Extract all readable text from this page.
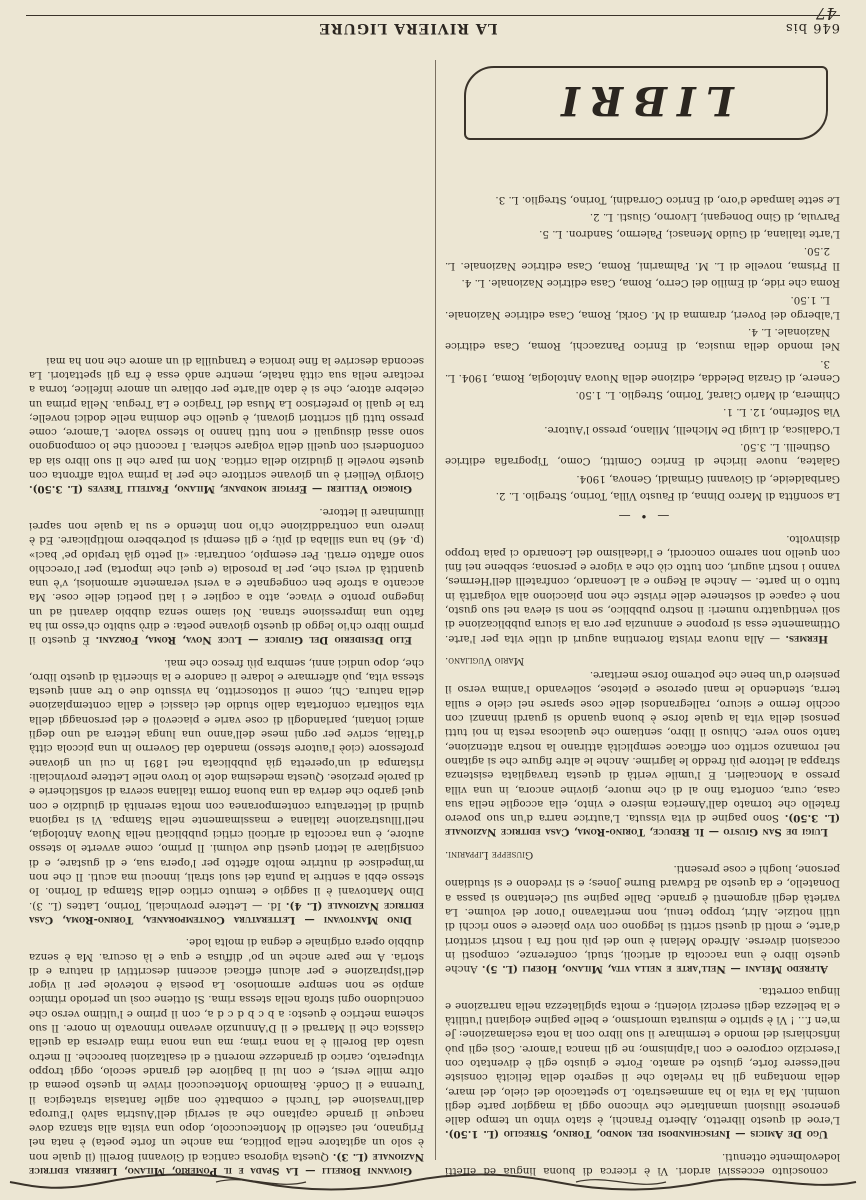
47
646 bis
LA RIVIERA LIGURE

Giovanni Borelli — La Spada e il Pomerio, Milano, Libreria editrice Nazionale (L. 3). Questa vigorosa cantica di Giovanni Borelli (il quale non è solo un agitatore nella politica, ma anche un forte poeta) è nata nel Frignano, nel castello di Montecuccolo, dopo una visita alla stanza dove nacque il grande capitano che ai servigi dell'Austria salvò l'Europa dall'invasione dei Turchi e combattè con agile fantasia strategica il Turenna e il Condé. Raimondo Montecuccoli rivive in questo poema di oltre mille versi, e con lui il bagliore del grande secolo, oggi troppo vituperato, carico di grandezze morenti e di esaltazioni barocche. Il metro usato dal Borelli è la nona rima; ma una nona rima diversa da quella classica che il Marradi e il D'Annunzio avevano rinnovato in onore. Il suo schema metrico è questo: a b c b d c d a, con il primo e l'ultimo verso che concludono ogni strofa nella stessa rima. Si ottiene così un periodo ritmico ampio se non sempre armonioso. La poesia è notevole per il vigor dell'ispirazione e per alcuni efficaci accenni descrittivi di natura e di storia. A me pare anche un po' diffusa e qua e là oscura. Ma è senza dubbio opera originale e degna di molta lode.

Dino Mantovani — Letteratura Contemporanea, Torino-Roma, Casa editrice Nazionale (L. 4). Id. — Lettere provinciali, Torino, Lattes (L. 3). Dino Mantovani è il saggio e temuto critico della Stampa di Torino. Io stesso ebbi a sentire la punta dei suoi strali, innocui ma acuti. Il che non m'impedisce di nutrire molto affetto per l'opera sua, e di gustare, e di consigliare ai lettori questi due volumi. Il primo, come avverte lo stesso autore, è una raccolta di articoli critici pubblicati nella Nuova Antologia, nell'Illustrazione italiana e massimamente nella Stampa. Vi si ragiona quindi di letteratura contemporanea con molta serenità di giudizio e con quel garbo che deriva da una buona forma italiana scevra di sofisticherie e di parole preziose. Questa medesima dote io trovo nelle Lettere provinciali: ristampa di un'operetta già pubblicata nel 1891 in cui un giovane professore (cioè l'autore stesso) mandato dal Governo in una piccola città d'Italia, scrive per ogni mese dell'anno una lunga lettera ad uno degli amici lontani, parlandogli di cose varie e piacevoli e dei personaggi della vita solitaria confortata dallo studio dei classici e dalla contemplazione della natura. Chi, come il sottoscritto, ha vissuto due o tre anni questa stessa vita, può affermare e lodare il candore e la sincerità di questo libro, che, dopo undici anni, sembra più fresco che mai.

Elio Desiderio Del Giudice — Luce Nova, Roma, Forzani. È questo il primo libro ch'io leggo di questo giovane poeta: e dirò subito ch'esso mi ha fatto una impressione strana. Noi siamo senza dubbio davanti ad un ingegno pronto e vivace, atto a coglier e i lati poetici delle cose. Ma accanto a strofe ben congegnate e a versi veramente armoniosi, v'è una quantità di versi che, per la prosodia (e quel che importa) per l'orecchio sono affatto errati. Per esempio, contraria: «il petto già trepido pe' baci» (p. 46) ha una sillaba di più; e gli esempi si potrebbero moltiplicare. Ed è invero una contraddizione ch'io non intendo e su la quale non saprei illuminare il lettore.

Giorgio Vellieri — Effigie mondane, Milano, Fratelli Treves (L. 3.50). Giorgio Vellieri è un giovane scrittore che per la prima volta affronta con queste novelle il giudizio della critica. Non mi pare che il suo libro sia da confondersi con quelli della volgare schiera. I racconti che lo compongono sono assai disuguali e non tutti hanno lo stesso valore. L'amore, come presso tutti gli scrittori giovani, è quello che domina nelle dodici novelle; tra le quali io preferisco La Musa del Tragico e La Tregua. Nella prima un celebre attore, che si è dato all'arte per obliare un amore infelice, torna a recitare nella sua città natale, mentre andò essa è fra gli spettatori. La seconda descrive la fine ironica e tranquilla di un amore che non ha mai

conosciuto eccessivi ardori. Vi è ricerca di buona lingua ed effetti lodevolmente ottenuti.

Ugo De Amicis — Infischiandosi del mondo, Torino, Streglio (L. 1.50). L'eroe di questo libretto, Alberto Franchi, è stato vinto un tempo dalle generose illusioni umanitarie che vincono oggi la maggior parte degli uomini. Ma la vita lo ha ammaestrato. Lo spettacolo del cielo, del mare, della montagna gli ha rivelato che il segreto della felicità consiste nell'essere forte, giusto ed amato. Forte e giusto egli è diventato con l'esercizio corporeo e con l'alpinismo; ne gli manca l'amore. Così egli può infischiarsi del mondo e terminare il suo libro con la nota esclamazione: Je m'en f... ! Vi è spirito e misurata umorismo, e belle pagine elogianti l'utilità e la bellezza degli esercizi violenti; e molta spigliatezza nella narrazione e lingua corretta.

Alfredo Melani — Nell'arte e nella vita, Milano, Hoepli (L. 5). Anche questo libro è una raccolta di articoli, studi, conferenze, composti in occasioni diverse. Alfredo Melani è uno dei più noti fra i nostri scrittori d'arte, e molti di questi scritti si leggono con vivo piacere e sono ricchi di utili notizie. Altri, troppo tenui, non meritavano l'onor del volume. La varietà degli argomenti è grande. Dalle pagine sul Celentano si passa a Donatello, e da questo ad Edward Burne Jones; e si rivedono e si studiano persone, luoghi e cose presenti.
Giuseppe Lipparini.

Luigi de San Giusto — Il Reduce, Torino-Roma, Casa editrice Nazionale (L. 3.50). Sono pagine di vita vissuta. L'autrice narra d'un suo povero fratello che tornato dall'America misero e vinto, ella accoglie nella sua casa, cura, conforta fino al dì che muore, giovine ancora, in una villa presso a Moncalieri. E l'umile verità di questa travagliata esistenza strappa al lettore più freddo le lagrime. Anche le altre figure che si agitano nel romanzo scritto con efficace semplicità attirano la nostra attenzione, tanto sono vere. Chiuso il libro, sentiamo che qualcosa resta in noi tutti pensosi della vita la quale forse è buona quando si guardi innanzi con occhio fermo e sicuro, rallegrandosi delle cose sparse nel cielo e sulla terra, stendendo le mani operose e pietose, sollevando l'anima verso il pensiero d'un bene che potremo forse meritare.
Mario Vugliano.

Hermes. — Alla nuova rivista fiorentina auguri di utile vita per l'arte. Ottimamente essa si propone e annunzia per ora la sicura pubblicazione di soli ventiquattro numeri: il nostro pubblico, se non si eleva nel suo gusto, non è capace di sostenere delle riviste che non piacciono alla volgarità in tutto o in parte. — Anche al Regno e al Leonardo, confratelli dell'Hermes, vanno i nostri auguri, con tutto ciò che a vigore e persona; sebbene nei fini con quello non saremo concordi, e l'idealismo del Leonardo ci paia troppo disinvolto.

— • —
La sconfitta di Marco Dinna, di Fausto Villa, Torino, Streglio. L. 2.
Garibaldeide, di Giovanni Grimaldi, Genova, 1904.
Galatea, nuove liriche di Enrico Comitti, Como, Tipografia editrice Ostinelli. L. 3.50.
L'Odalisca, di Luigi De Michelli, Milano, presso l'Autore.
Via Solferino, 12. L. 1.
Chimera, di Mario Ciaraf, Torino, Streglio. L. 1.50.
Cenere, di Grazia Deledda, edizione della Nuova Antologia, Roma, 1904. L. 3.
Nel mondo della musica, di Enrico Panzacchi, Roma, Casa editrice Nazionale. L. 4.
L'albergo dei Poveri, dramma di M. Gorki, Roma, Casa editrice Nazionale. L. 1.50.
Roma che ride, di Emilio del Cerro, Roma, Casa editrice Nazionale. L. 4.
Il Prisma, novelle di L. M. Palmarini, Roma, Casa editrice Nazionale. L. 2.50.
L'arte italiana, di Guido Menasci, Palermo, Sandron. L. 5.
Parvula, di Gino Donegani, Livorno, Giusti. L. 2.
Le sette lampade d'oro, di Enrico Corradini, Torino, Streglio. L. 3.
LIBRI
